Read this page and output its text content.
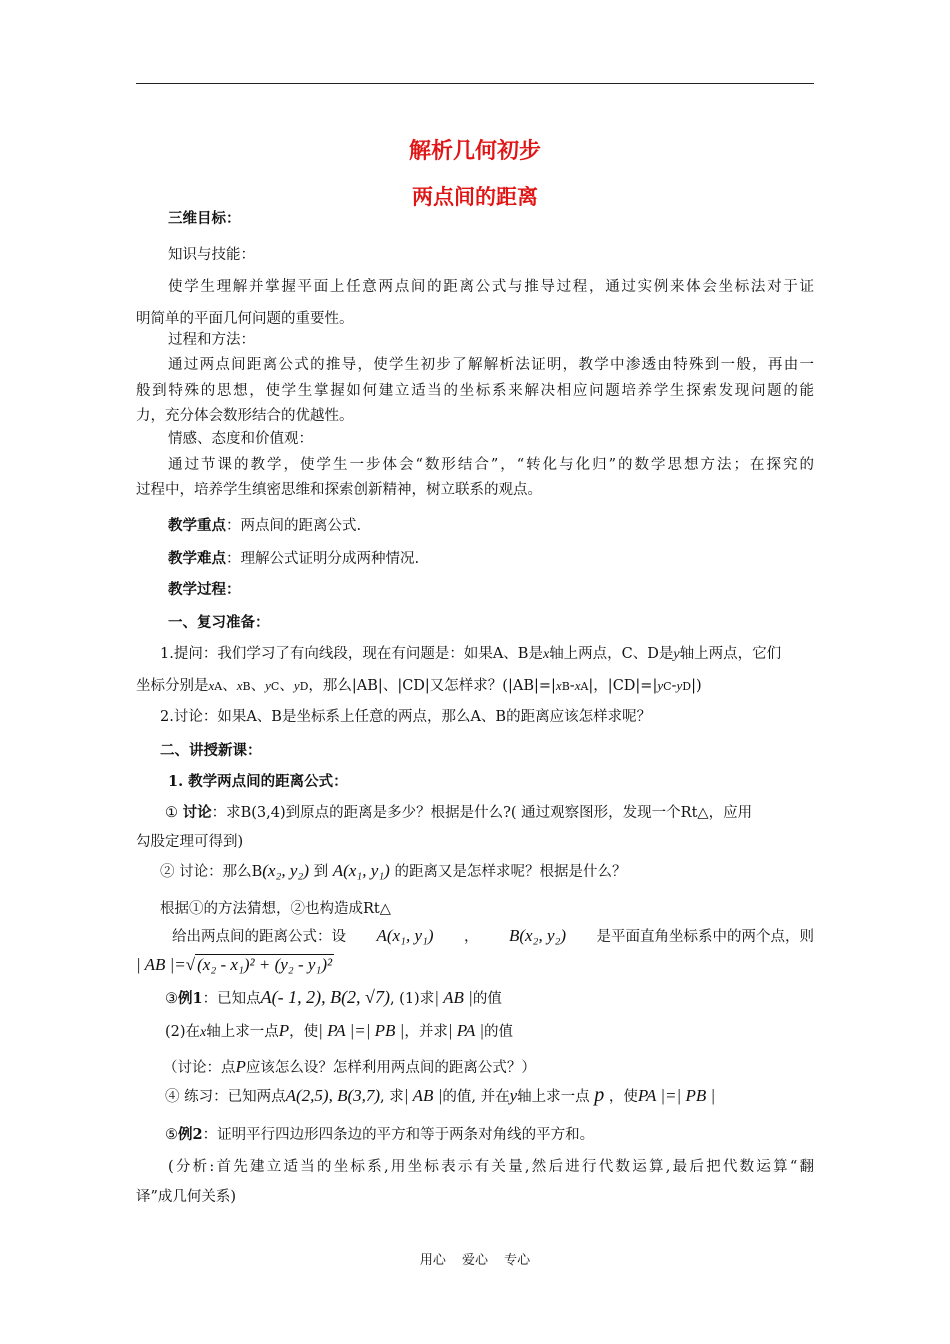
解析几何初步
两点间的距离
三维目标：
知识与技能：
使学生理解并掌握平面上任意两点间的距离公式与推导过程，通过实例来体会坐标法对于证
明简单的平面几何问题的重要性。
过程和方法：
通过两点间距离公式的推导，使学生初步了解解析法证明，教学中渗透由特殊到一般，再由一
般到特殊的思想，使学生掌握如何建立适当的坐标系来解决相应问题培养学生探索发现问题的能
力，充分体会数形结合的优越性。
情感、态度和价值观：
通过节课的教学，使学生一步体会“数形结合”，“转化与化归”的数学思想方法；在探究的
过程中，培养学生缜密思维和探索创新精神，树立联系的观点。
教学重点：两点间的距离公式.
教学难点：理解公式证明分成两种情况.
教学过程：
一、复习准备：
1.提问：我们学习了有向线段，现在有问题是：如果A、B是x轴上两点，C、D是y轴上两点，它们
坐标分别是xA、xB、yC、yD，那么|AB|、|CD|又怎样求？(|AB|=|xB-xA|，|CD|=|yC-yD|)
2.讨论：如果A、B是坐标系上任意的两点，那么A、B的距离应该怎样求呢？
二、讲授新课：
1. 教学两点间的距离公式：
① 讨论：求B(3,4)到原点的距离是多少？根据是什么?( 通过观察图形，发现一个Rt△，应用
勾股定理可得到)
② 讨论：那么B(x₂, y₂) 到 A(x₁, y₁) 的距离又是怎样求呢？根据是什么？
根据①的方法猜想，②也构造成Rt△
给出两点间的距离公式：设 A(x₁, y₁) ， B(x₂, y₂) 是平面直角坐标系中的两个点，则
| AB |=√ (x₂ - x₁)² + (y₂ - y₁)²
③例1：已知点A(- 1, 2), B(2, √7), (1)求| AB |的值
(2)在x轴上求一点P，使| PA |=| PB |，并求| PA |的值
（讨论：点P应该怎么设？怎样利用两点间的距离公式？）
④ 练习：已知两点A(2,5), B(3,7), 求| AB |的值, 并在y轴上求一点 p ，使PA |=| PB |
⑤例2：证明平行四边形四条边的平方和等于两条对角线的平方和。
(分析:首先建立适当的坐标系,用坐标表示有关量,然后进行代数运算,最后把代数运算“翻
译”成几何关系)
用心 爱心 专心
